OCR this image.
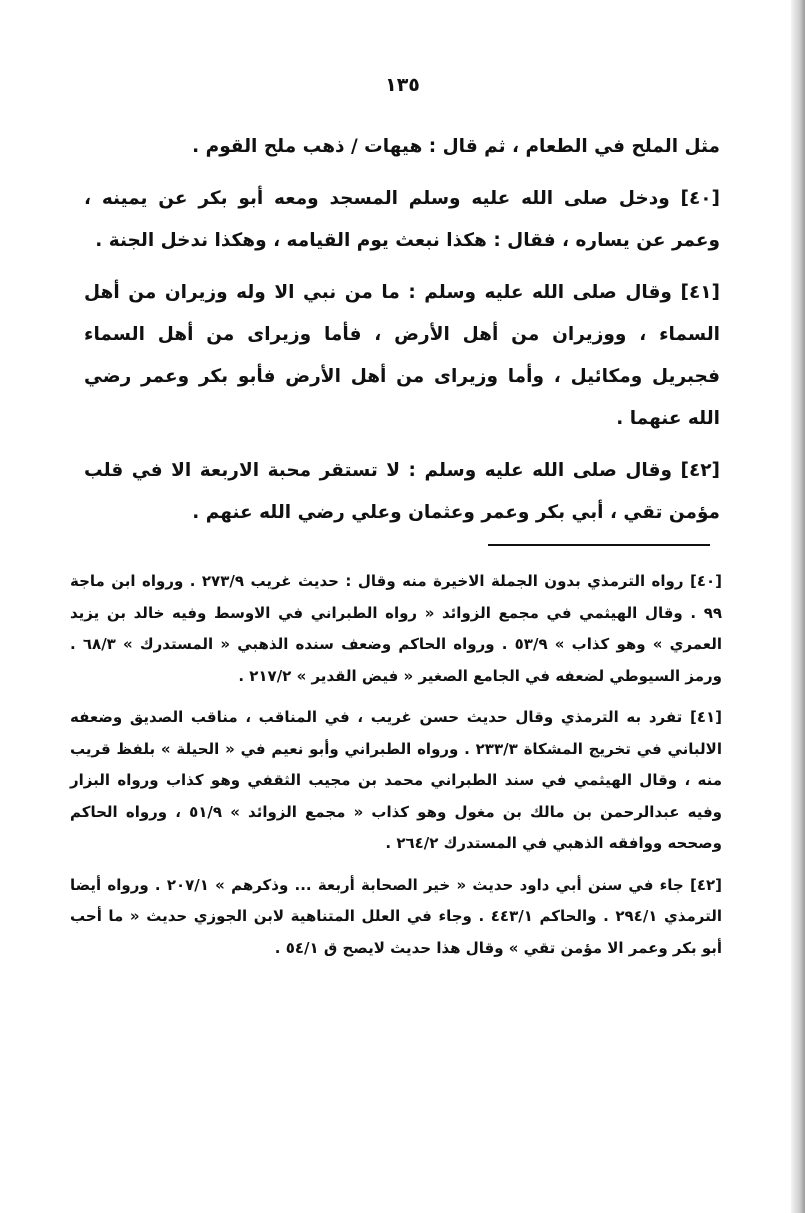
١٣٥

مثل الملح في الطعام ، ثم قال : هيهات / ذهب ملح القوم .

[٤٠] ودخل صلى الله عليه وسلم المسجد ومعه أبو بكر عن يمينه ، وعمر عن يساره ، فقال : هكذا نبعث يوم القيامه ، وهكذا ندخل الجنة .

[٤١] وقال صلى الله عليه وسلم : ما من نبي الا وله وزيران من أهل السماء ، ووزيران من أهل الأرض ، فأما وزيراى من أهل السماء فجبريل ومكائيل ، وأما وزيراى من أهل الأرض فأبو بكر وعمر رضي الله عنهما .

[٤٢] وقال صلى الله عليه وسلم : لا تستقر محبة الاربعة الا في قلب مؤمن تقي ، أبي بكر وعمر وعثمان وعلي رضي الله عنهم .

[٤٠] رواه الترمذي بدون الجملة الاخيرة منه وقال : حديث غريب ٢٧٣/٩ . ورواه ابن ماجة ٩٩ . وقال الهيثمي في مجمع الزوائد « رواه الطبراني في الاوسط وفيه خالد بن يزيد العمري » وهو كذاب » ٥٣/٩ . ورواه الحاكم وضعف سنده الذهبي « المستدرك » ٦٨/٣ . ورمز السيوطي لضعفه في الجامع الصغير « فيض القدير » ٢١٧/٢ .

[٤١] تفرد به الترمذي وقال حديث حسن غريب ، في المناقب ، مناقب الصديق وضعفه الالباني في تخريج المشكاة ٢٣٣/٣ . ورواه الطبراني وأبو نعيم في « الحيلة » بلفظ قريب منه ، وقال الهيثمي في سند الطبراني محمد بن مجيب الثقفي وهو كذاب ورواه البزار وفيه عبدالرحمن بن مالك بن مغول وهو كذاب « مجمع الزوائد » ٥١/٩ ، ورواه الحاكم وصححه ووافقه الذهبي في المستدرك ٢٦٤/٢ .

[٤٢] جاء في سنن أبي داود حديث « خير الصحابة أربعة ... وذكرهم » ٢٠٧/١ . ورواه أيضا الترمذي ٢٩٤/١ . والحاكم ٤٤٣/١ . وجاء في العلل المتناهية لابن الجوزي حديث « ما أحب أبو بكر وعمر الا مؤمن تقي » وقال هذا حديث لايصح ق ٥٤/١ .
